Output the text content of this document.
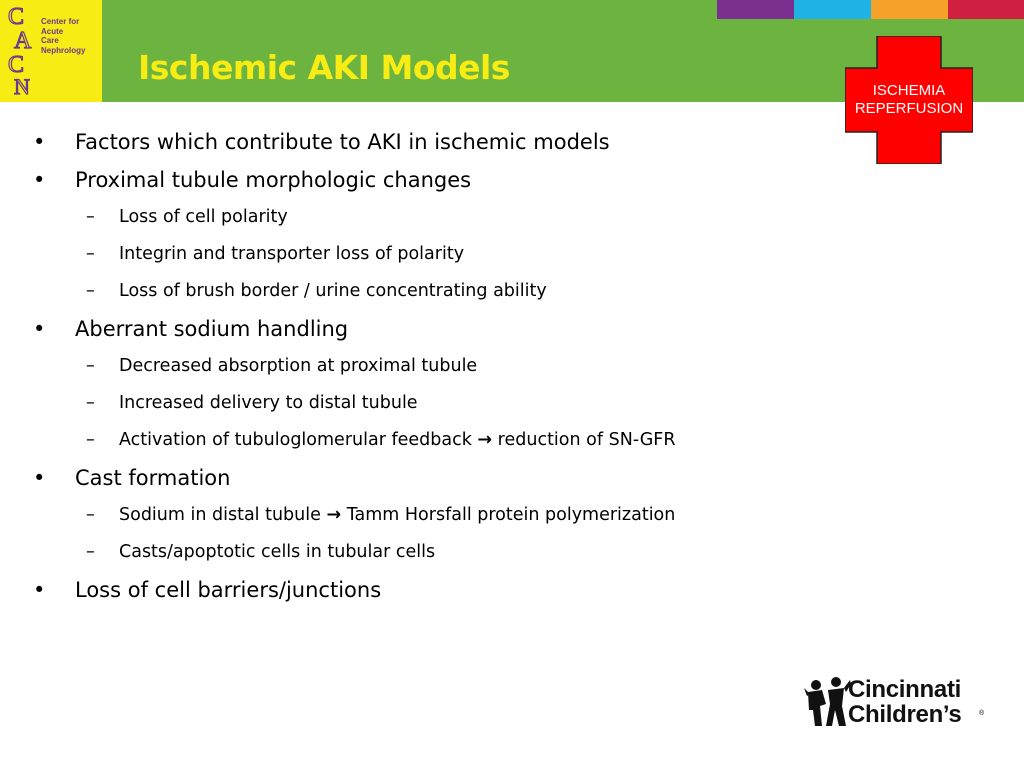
C
A
C
N
Center for
Acute
Care
Nephrology Ischemic AKI Models
ISCHEMIA
REPERFUSION
• Factors which contribute to AKI in ischemic models
• Proximal tubule morphologic changes
– Loss of cell polarity
– Integrin and transporter loss of polarity
– Loss of brush border / urine concentrating ability
• Aberrant sodium handling
– Decreased absorption at proximal tubule
– Increased delivery to distal tubule
– Activation of tubuloglomerular feedback → reduction of SN-GFR
• Cast formation
– Sodium in distal tubule → Tamm Horsfall protein polymerization
– Casts/apoptotic cells in tubular cells
• Loss of cell barriers/junctions
Cincinnati
Children’s	®
